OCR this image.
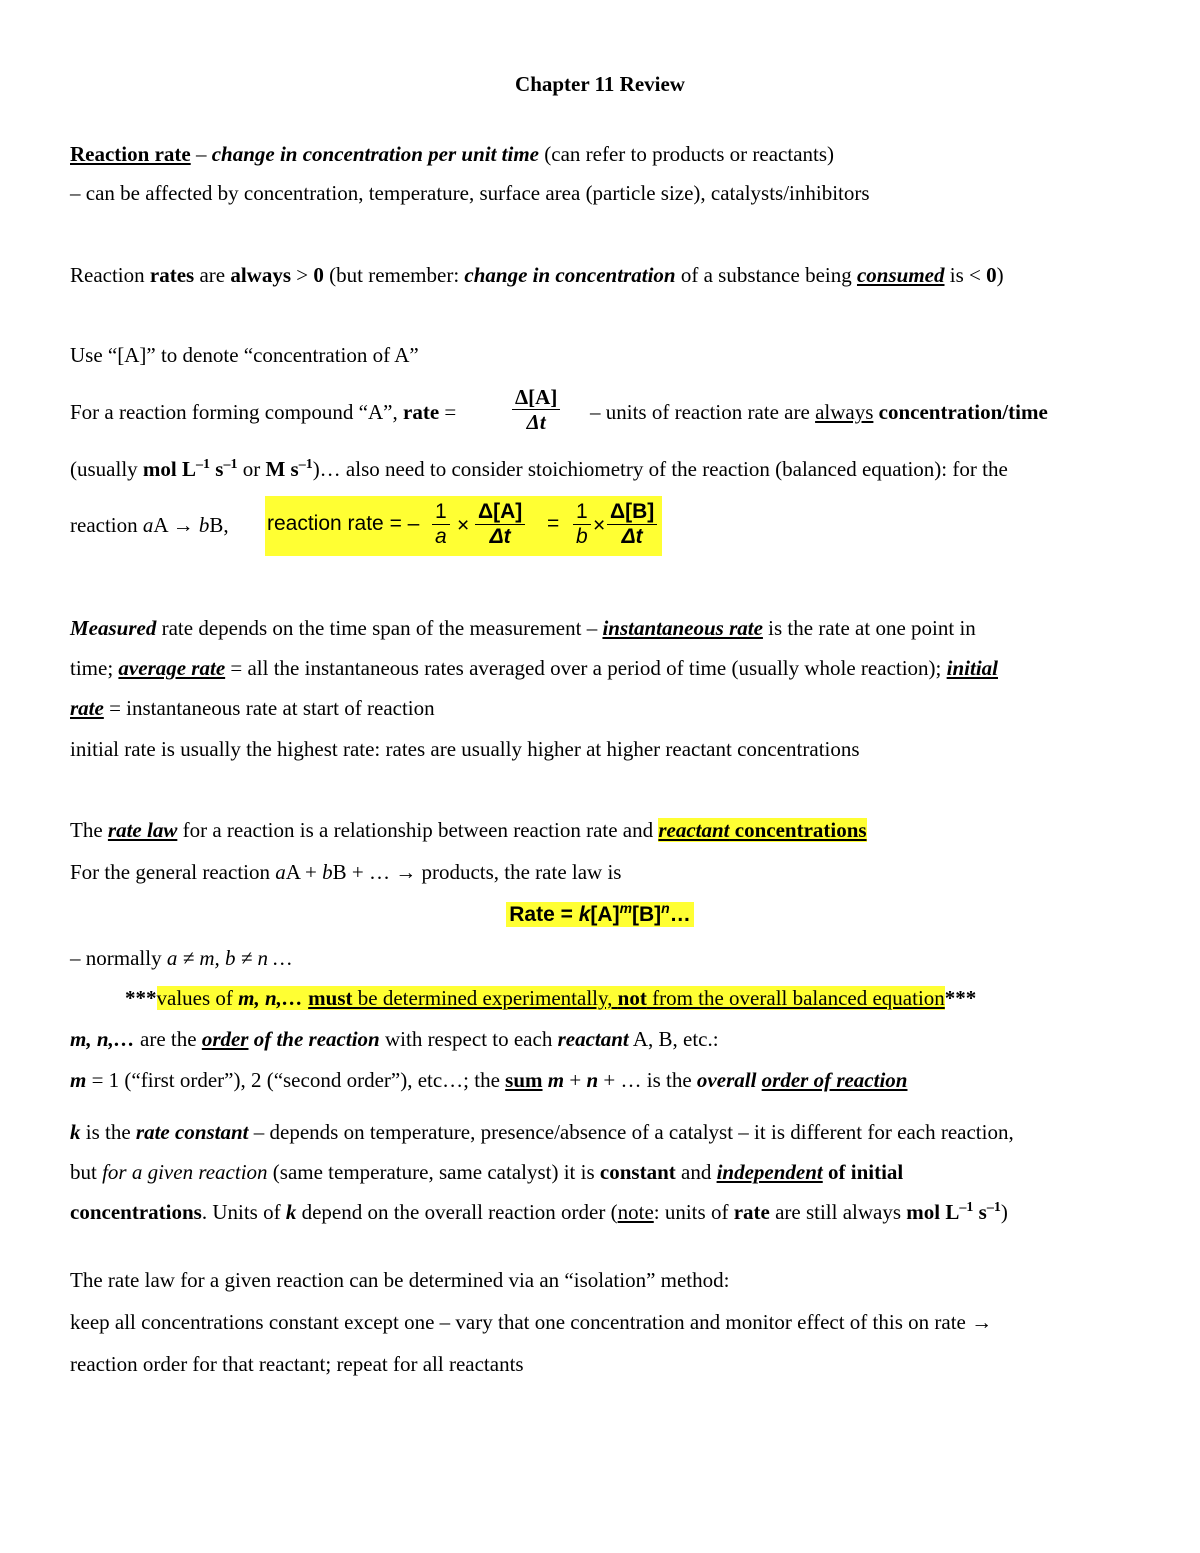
Chapter 11 Review
Reaction rate – change in concentration per unit time (can refer to products or reactants)
– can be affected by concentration, temperature, surface area (particle size), catalysts/inhibitors
Reaction rates are always > 0 (but remember: change in concentration of a substance being consumed is < 0)
Use “[A]” to denote “concentration of A”
For a reaction forming compound “A”, rate =	$\frac{\Delta[A]}{\Delta t}$ – units of reaction rate are always concentration/time
(usually mol $L^{-1}$ $s^{-1}$ or M $s^{-1})\dots$ also need to consider stoichiometry of the reaction (balanced equation): for the
reaction aA → bB, reaction rate = – $\frac{1}{a} \times \frac{\Delta[A]}{\Delta t} = \frac{1}{b} \times \frac{\Delta[B]}{\Delta t}$
Measured rate depends on the time span of the measurement – instantaneous rate is the rate at one point in
time; average rate = all the instantaneous rates averaged over a period of time (usually whole reaction); initial
rate = instantaneous rate at start of reaction
initial rate is usually the highest rate: rates are usually higher at higher reactant concentrations
The rate law for a reaction is a relationship between reaction rate and reactant concentrations
For the general reaction aA + bB + … → products, the rate law is
Rate = $k[A]^m[B]^n\dots$
– normally a ≠ m, b ≠ n …
***values of m, n,… must be determined experimentally, not from the overall balanced equation***
m, n,… are the order of the reaction with respect to each reactant A, B, etc.:
m = 1 (“first order”), 2 (“second order”), etc…; the sum m + n + … is the overall order of reaction
k is the rate constant – depends on temperature, presence/absence of a catalyst – it is different for each reaction,
but for a given reaction (same temperature, same catalyst) it is constant and independent of initial
concentrations. Units of k depend on the overall reaction order (note: units of rate are still always mol $L^{-1}$ $s^{-1}$)
The rate law for a given reaction can be determined via an “isolation” method:
keep all concentrations constant except one – vary that one concentration and monitor effect of this on rate →
reaction order for that reactant; repeat for all reactants
